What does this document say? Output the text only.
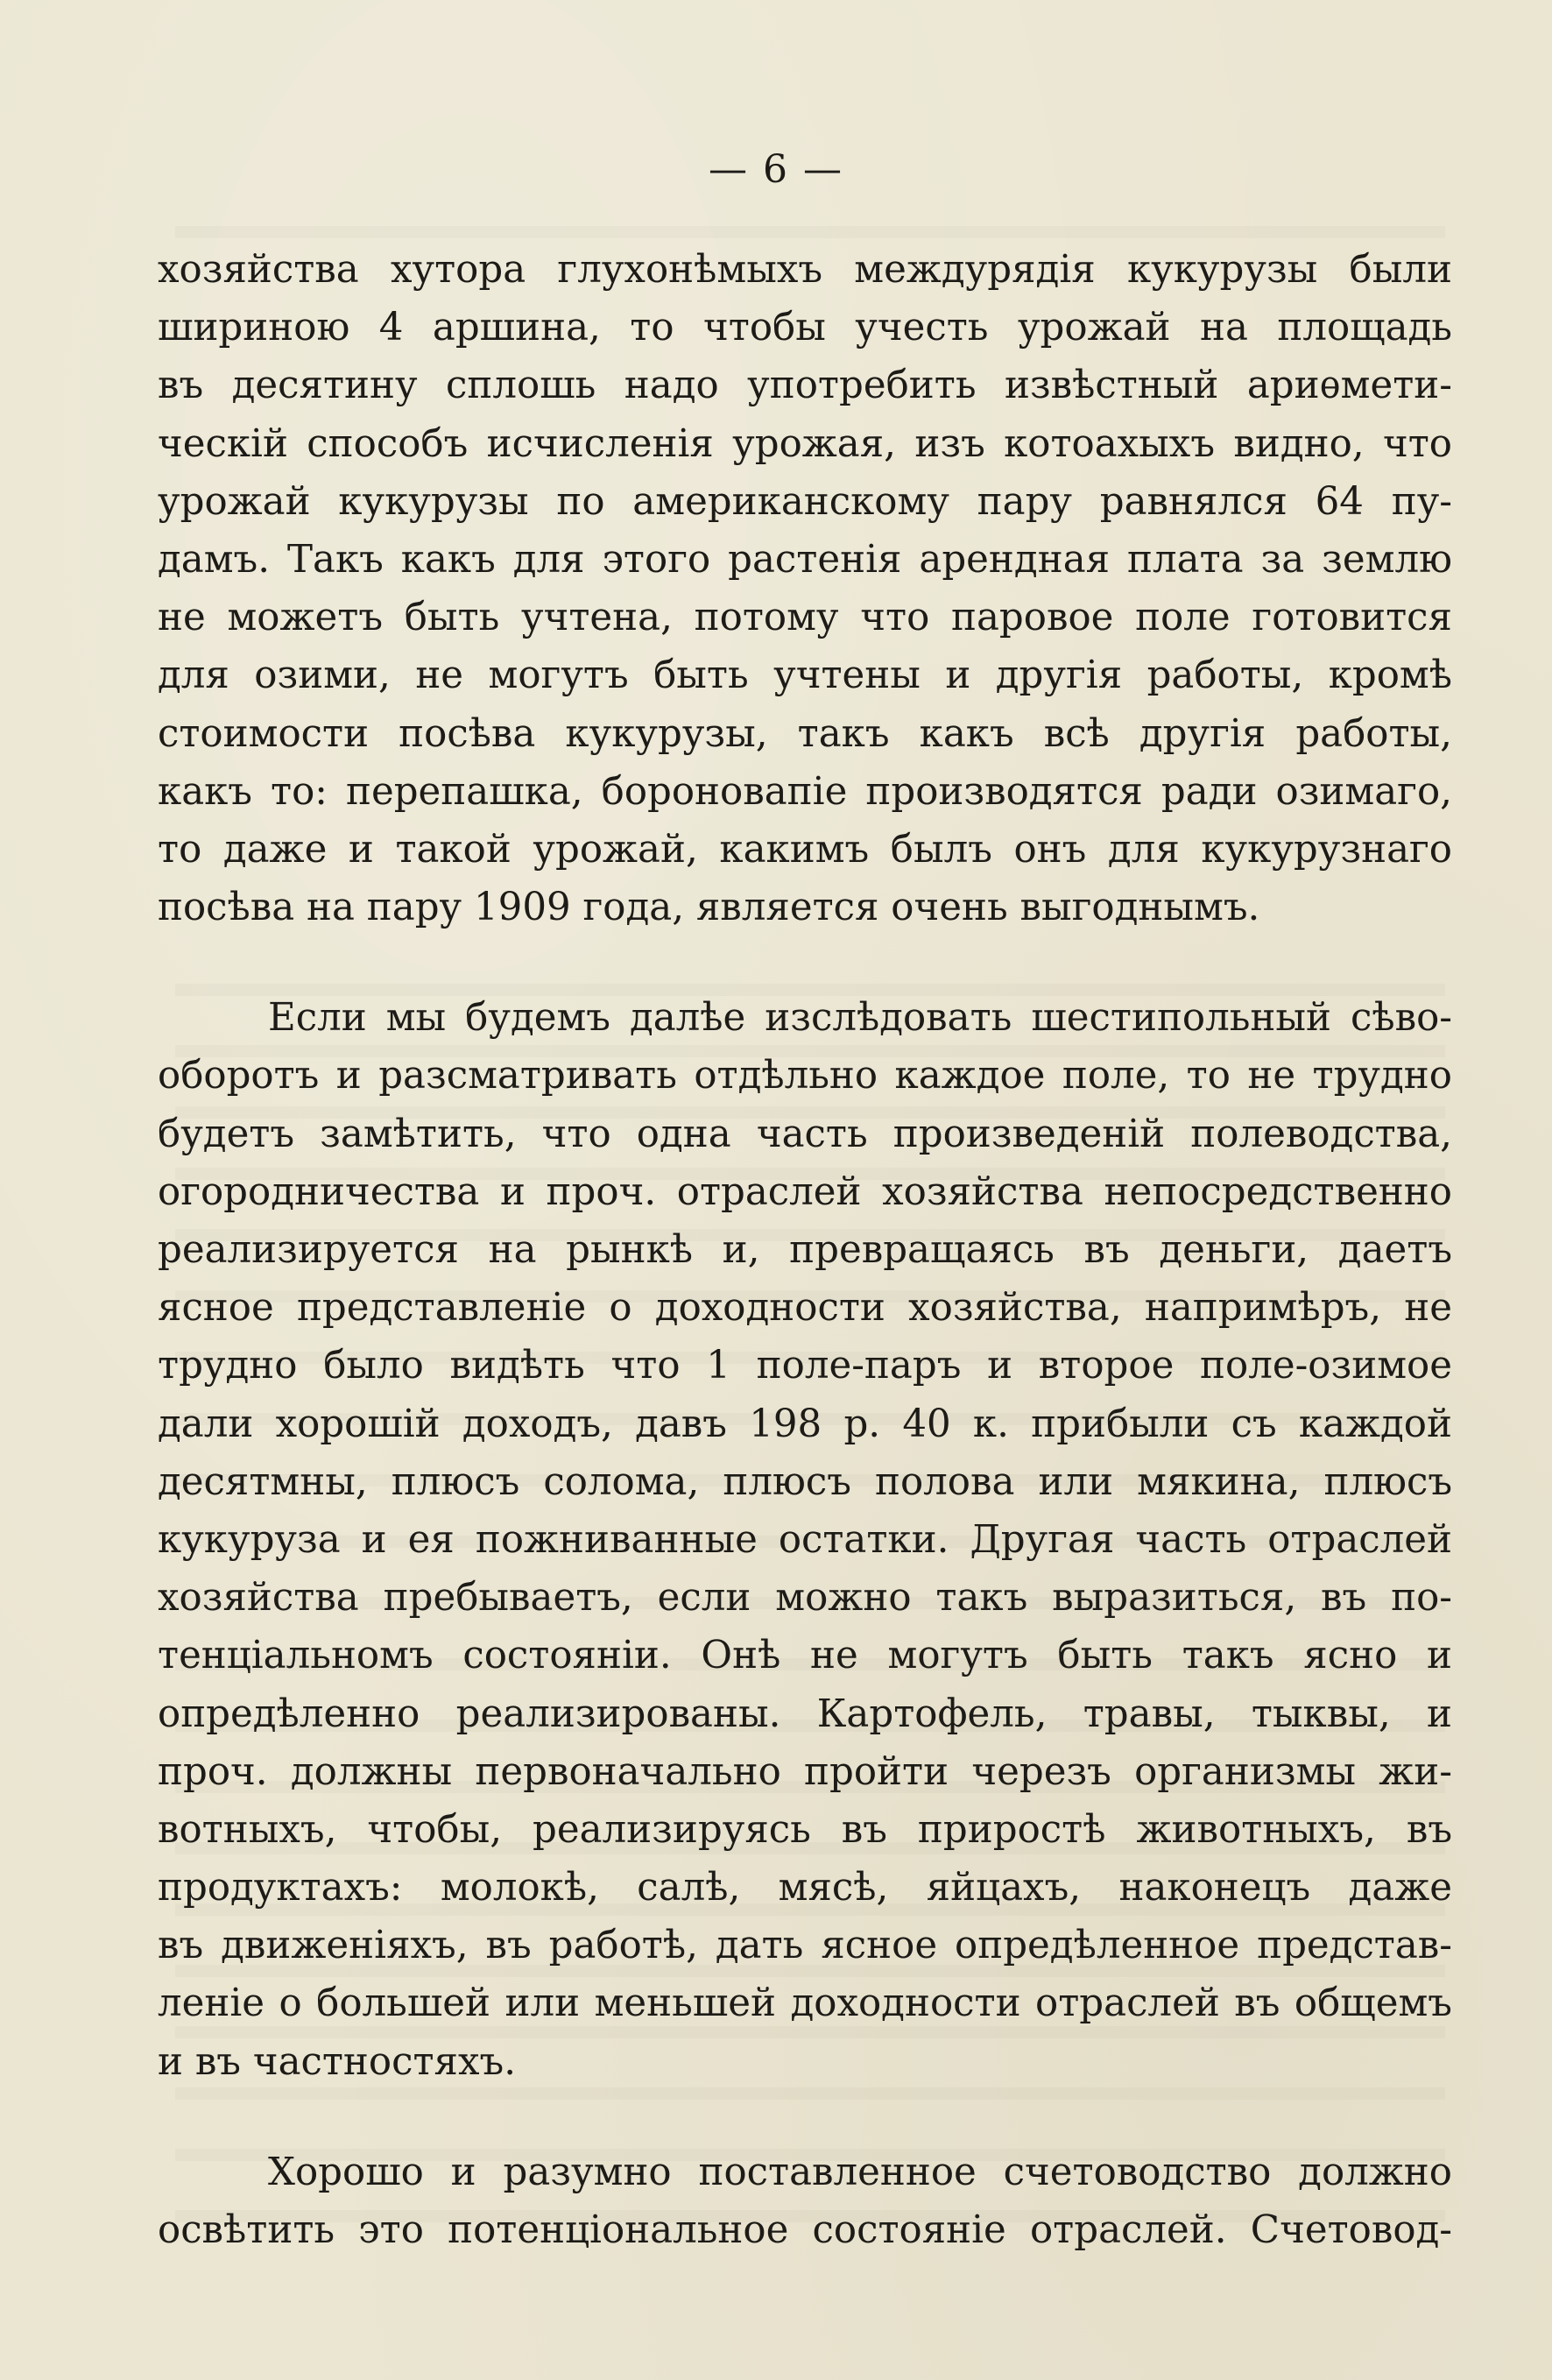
— 6 —
хозяйства хутора глухонѣмыхъ междурядія кукурузы были
шириною 4 аршина, то чтобы учесть урожай на площадь
въ десятину сплошь надо употребить извѣстный ариѳмети-
ческій способъ исчисленія урожая, изъ котоахыхъ видно, что
урожай кукурузы по американскому пару равнялся 64 пу-
дамъ. Такъ какъ для этого растенія арендная плата за землю
не можетъ быть учтена, потому что паровое поле готовится
для озими, не могутъ быть учтены и другія работы, кромѣ
стоимости посѣва кукурузы, такъ какъ всѣ другія работы,
какъ то: перепашка, бороновапіе производятся ради озимаго,
то даже и такой урожай, какимъ былъ онъ для кукурузнаго
посѣва на пару 1909 года, является очень выгоднымъ.
Если мы будемъ далѣе изслѣдовать шестипольный сѣво-
оборотъ и разсматривать отдѣльно каждое поле, то не трудно
будетъ замѣтить, что одна часть произведеній полеводства,
огородничества и проч. отраслей хозяйства непосредственно
реализируется на рынкѣ и, превращаясь въ деньги, даетъ
ясное представленіе о доходности хозяйства, напримѣръ, не
трудно было видѣть что 1 поле-паръ и второе поле-озимое
дали хорошій доходъ, давъ 198 р. 40 к. прибыли съ каждой
десятмны, плюсъ солома, плюсъ полова или мякина, плюсъ
кукуруза и ея пожниванные остатки. Другая часть отраслей
хозяйства пребываетъ, если можно такъ выразиться, въ по-
тенціальномъ состояніи. Онѣ не могутъ быть такъ ясно и
опредѣленно реализированы. Картофель, травы, тыквы, и
проч. должны первоначально пройти черезъ организмы жи-
вотныхъ, чтобы, реализируясь въ приростѣ животныхъ, въ
продуктахъ: молокѣ, салѣ, мясѣ, яйцахъ, наконецъ даже
въ движеніяхъ, въ работѣ, дать ясное опредѣленное представ-
леніе о большей или меньшей доходности отраслей въ общемъ
и въ частностяхъ.
Хорошо и разумно поставленное счетоводство должно
освѣтить это потенціональное состояніе отраслей. Счетовод-
